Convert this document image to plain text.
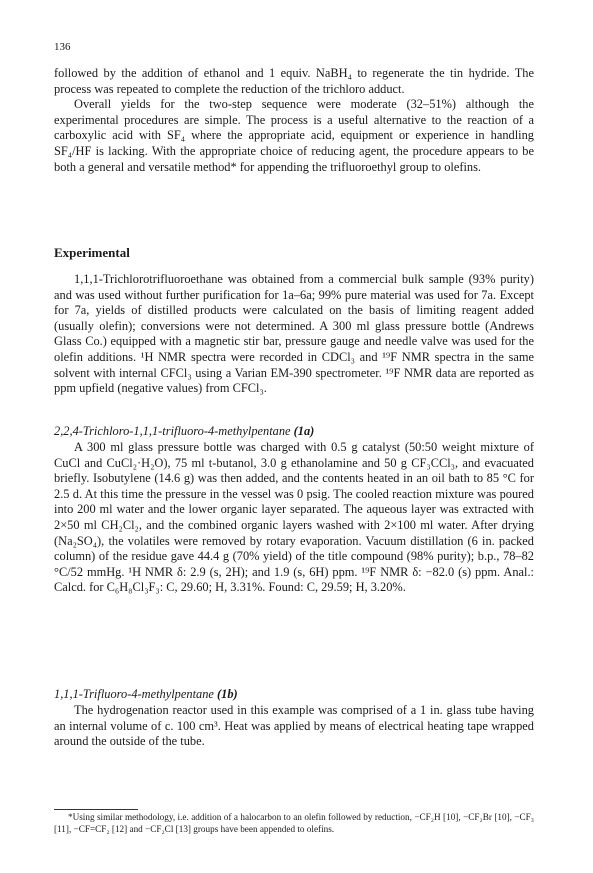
136

followed by the addition of ethanol and 1 equiv. NaBH₄ to regenerate the tin hydride. The process was repeated to complete the reduction of the trichloro adduct.

Overall yields for the two-step sequence were moderate (32–51%) although the experimental procedures are simple. The process is a useful alternative to the reaction of a carboxylic acid with SF₄ where the appropriate acid, equipment or experience in handling SF₄/HF is lacking. With the appropriate choice of reducing agent, the procedure appears to be both a general and versatile method* for appending the trifluoroethyl group to olefins.

Experimental

1,1,1-Trichlorotrifluoroethane was obtained from a commercial bulk sample (93% purity) and was used without further purification for 1a–6a; 99% pure material was used for 7a. Except for 7a, yields of distilled products were calculated on the basis of limiting reagent added (usually olefin); conversions were not determined. A 300 ml glass pressure bottle (Andrews Glass Co.) equipped with a magnetic stir bar, pressure gauge and needle valve was used for the olefin additions. ¹H NMR spectra were recorded in CDCl₃ and ¹⁹F NMR spectra in the same solvent with internal CFCl₃ using a Varian EM-390 spectrometer. ¹⁹F NMR data are reported as ppm upfield (negative values) from CFCl₃.

2,2,4-Trichloro-1,1,1-trifluoro-4-methylpentane (1a)

A 300 ml glass pressure bottle was charged with 0.5 g catalyst (50:50 weight mixture of CuCl and CuCl₂·H₂O), 75 ml t-butanol, 3.0 g ethanolamine and 50 g CF₃CCl₃, and evacuated briefly. Isobutylene (14.6 g) was then added, and the contents heated in an oil bath to 85 °C for 2.5 d. At this time the pressure in the vessel was 0 psig. The cooled reaction mixture was poured into 200 ml water and the lower organic layer separated. The aqueous layer was extracted with 2×50 ml CH₂Cl₂, and the combined organic layers washed with 2×100 ml water. After drying (Na₂SO₄), the volatiles were removed by rotary evaporation. Vacuum distillation (6 in. packed column) of the residue gave 44.4 g (70% yield) of the title compound (98% purity); b.p., 78–82 °C/52 mmHg. ¹H NMR δ: 2.9 (s, 2H); and 1.9 (s, 6H) ppm. ¹⁹F NMR δ: −82.0 (s) ppm. Anal.: Calcd. for C₆H₈Cl₃F₃: C, 29.60; H, 3.31%. Found: C, 29.59; H, 3.20%.

1,1,1-Trifluoro-4-methylpentane (1b)

The hydrogenation reactor used in this example was comprised of a 1 in. glass tube having an internal volume of c. 100 cm³. Heat was applied by means of electrical heating tape wrapped around the outside of the tube.

*Using similar methodology, i.e. addition of a halocarbon to an olefin followed by reduction, −CF₂H [10], −CF₂Br [10], −CF₃ [11], −CF=CF₂ [12] and −CF₂Cl [13] groups have been appended to olefins.
